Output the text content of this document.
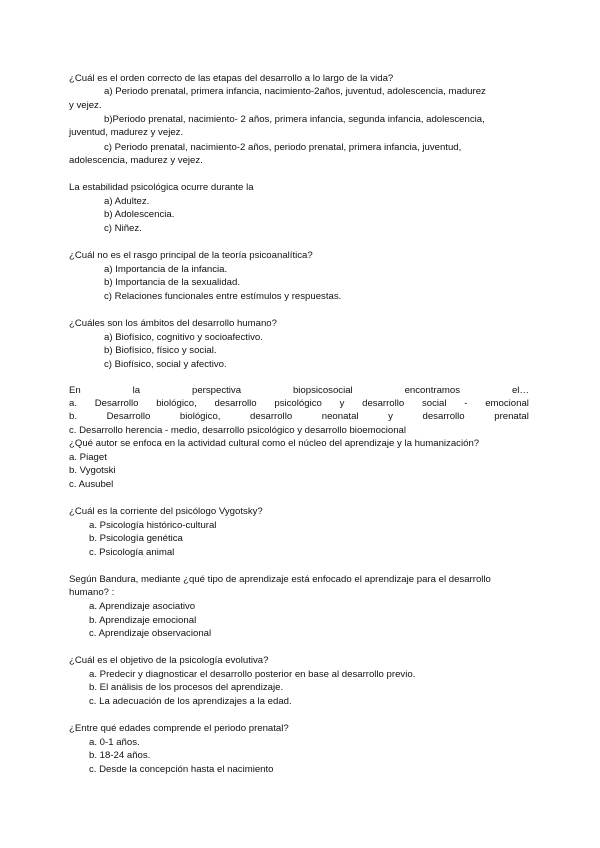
¿Cuál es el orden correcto de las etapas del desarrollo a lo largo de la vida?
a) Periodo prenatal, primera infancia, nacimiento-2años, juventud, adolescencia, madurez
y vejez.
b)Periodo prenatal, nacimiento- 2 años, primera infancia, segunda infancia, adolescencia,
juventud, madurez y vejez.
c) Periodo prenatal, nacimiento-2 años, periodo prenatal, primera infancia, juventud,
adolescencia, madurez y vejez.
La estabilidad psicológica ocurre durante la
a) Adultez.
b) Adolescencia.
c) Niñez.
¿Cuál no es el rasgo principal de la teoría psicoanalítica?
a) Importancia de la infancia.
b) Importancia de la sexualidad.
c) Relaciones funcionales entre estímulos y respuestas.
¿Cuáles son los ámbitos del desarrollo humano?
a) Biofísico, cognitivo y socioafectivo.
b) Biofísico, físico y social.
c) Biofísico, social y afectivo.
En	la	perspectiva	biopsicosocial	encontramos	el…
a. Desarrollo biológico, desarrollo psicológico y desarrollo social - emocional
b.	Desarrollo	biológico,	desarrollo	neonatal	y	desarrollo	prenatal
c. Desarrollo herencia - medio, desarrollo psicológico y desarrollo bioemocional
¿Qué autor se enfoca en la actividad cultural como el núcleo del aprendizaje y la humanización?
a. Piaget
b. Vygotski
c. Ausubel
¿Cuál es la corriente del psicólogo Vygotsky?
a. Psicología histórico-cultural
b. Psicología genética
c. Psicología animal
Según Bandura, mediante ¿qué tipo de aprendizaje está enfocado el aprendizaje para el desarrollo
humano? :
a. Aprendizaje asociativo
b. Aprendizaje emocional
c. Aprendizaje observacional
¿Cuál es el objetivo de la psicología evolutiva?
a. Predecir y diagnosticar el desarrollo posterior en base al desarrollo previo.
b. El análisis de los procesos del aprendizaje.
c. La adecuación de los aprendizajes a la edad.
¿Entre qué edades comprende el periodo prenatal?
a. 0-1 años.
b. 18-24 años.
c. Desde la concepción hasta el nacimiento
